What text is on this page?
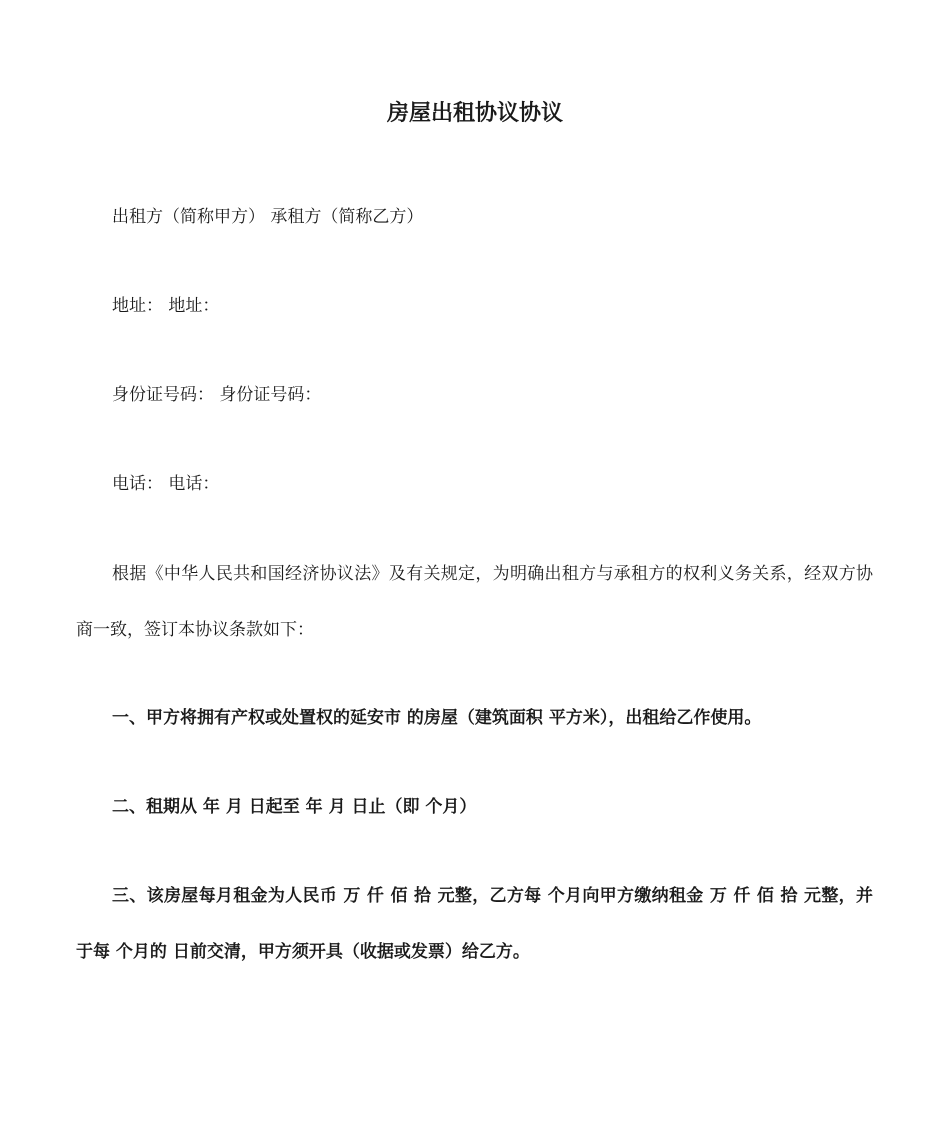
房屋出租协议协议
出租方（简称甲方） 承租方（简称乙方）
地址： 地址：
身份证号码： 身份证号码：
电话： 电话：
根据《中华人民共和国经济协议法》及有关规定，为明确出租方与承租方的权利义务关系，经双方协商一致，签订本协议条款如下：
一、甲方将拥有产权或处置权的延安市 的房屋（建筑面积 平方米），出租给乙作使用。
二、租期从 年 月 日起至 年 月 日止（即 个月）
三、该房屋每月租金为人民币 万 仟 佰 拾 元整，乙方每 个月向甲方缴纳租金 万 仟 佰 拾 元整，并于每 个月的 日前交清，甲方须开具（收据或发票）给乙方。
